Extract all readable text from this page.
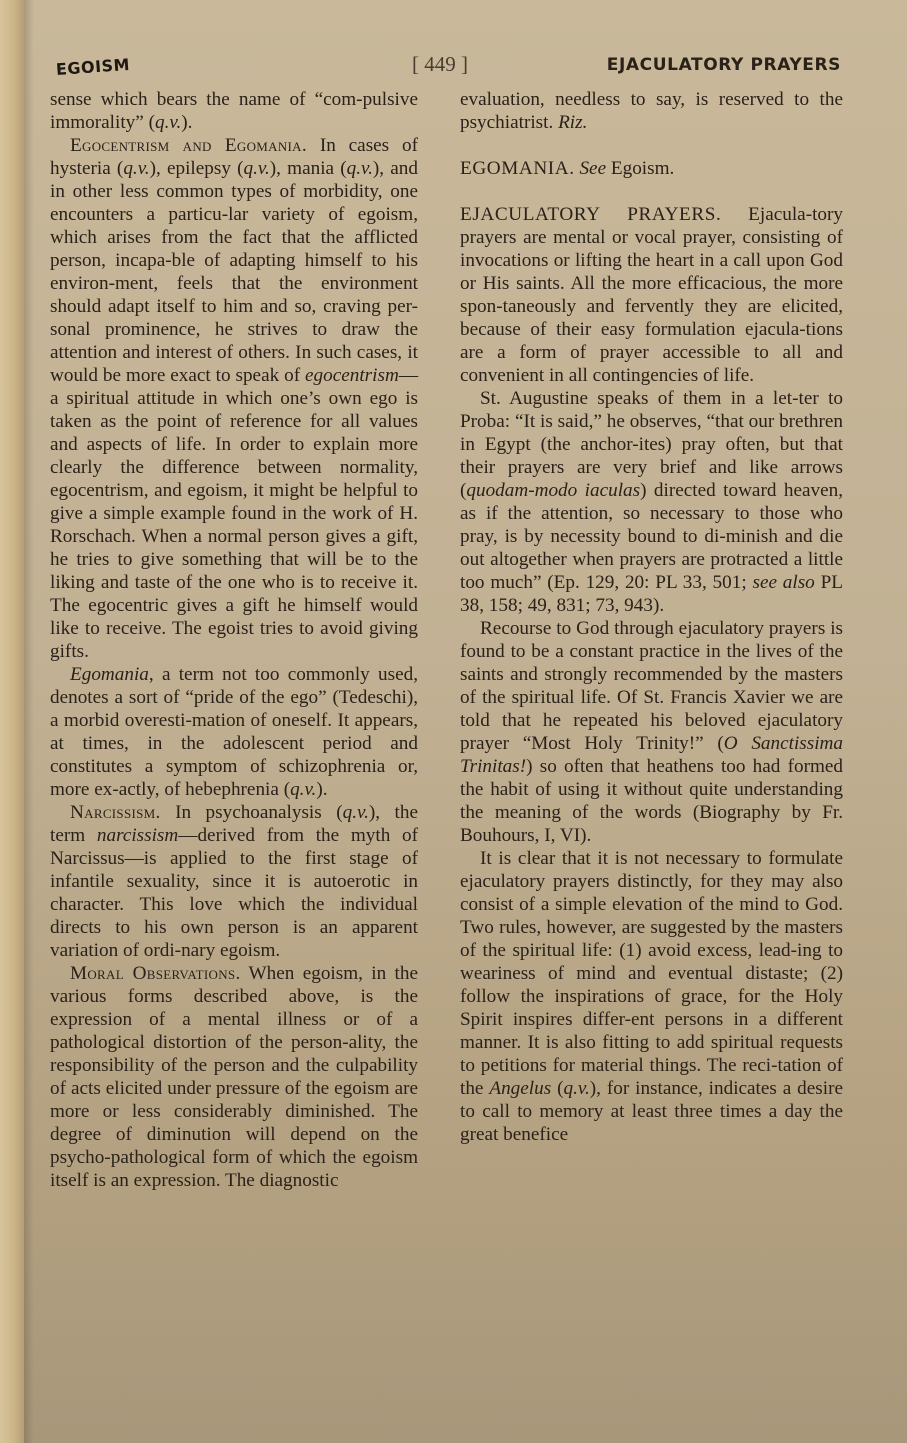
EGOISM	[ 449 ]	EJACULATORY PRAYERS

sense which bears the name of “com-pulsive immorality” (q.v.).

Egocentrism and Egomania. In cases of hysteria (q.v.), epilepsy (q.v.), mania (q.v.), and in other less common types of morbidity, one encounters a particu-lar variety of egoism, which arises from the fact that the afflicted person, incapa-ble of adapting himself to his environ-ment, feels that the environment should adapt itself to him and so, craving per-sonal prominence, he strives to draw the attention and interest of others. In such cases, it would be more exact to speak of egocentrism—a spiritual attitude in which one’s own ego is taken as the point of reference for all values and aspects of life. In order to explain more clearly the difference between normality, egocentrism, and egoism, it might be helpful to give a simple example found in the work of H. Rorschach. When a normal person gives a gift, he tries to give something that will be to the liking and taste of the one who is to receive it. The egocentric gives a gift he himself would like to receive. The egoist tries to avoid giving gifts.

Egomania, a term not too commonly used, denotes a sort of “pride of the ego” (Tedeschi), a morbid overesti-mation of oneself. It appears, at times, in the adolescent period and constitutes a symptom of schizophrenia or, more ex-actly, of hebephrenia (q.v.).

Narcissism. In psychoanalysis (q.v.), the term narcissism—derived from the myth of Narcissus—is applied to the first stage of infantile sexuality, since it is autoerotic in character. This love which the individual directs to his own person is an apparent variation of ordi-nary egoism.

Moral Observations. When egoism, in the various forms described above, is the expression of a mental illness or of a pathological distortion of the person-ality, the responsibility of the person and the culpability of acts elicited under pressure of the egoism are more or less considerably diminished. The degree of diminution will depend on the psycho-pathological form of which the egoism itself is an expression. The diagnostic

evaluation, needless to say, is reserved to the psychiatrist. Riz.

EGOMANIA. See Egoism.

EJACULATORY PRAYERS. Ejacula-tory prayers are mental or vocal prayer, consisting of invocations or lifting the heart in a call upon God or His saints. All the more efficacious, the more spon-taneously and fervently they are elicited, because of their easy formulation ejacula-tions are a form of prayer accessible to all and convenient in all contingencies of life.

St. Augustine speaks of them in a let-ter to Proba: “It is said,” he observes, “that our brethren in Egypt (the anchor-ites) pray often, but that their prayers are very brief and like arrows (quodam-modo iaculas) directed toward heaven, as if the attention, so necessary to those who pray, is by necessity bound to di-minish and die out altogether when prayers are protracted a little too much” (Ep. 129, 20: PL 33, 501; see also PL 38, 158; 49, 831; 73, 943).

Recourse to God through ejaculatory prayers is found to be a constant practice in the lives of the saints and strongly recommended by the masters of the spiritual life. Of St. Francis Xavier we are told that he repeated his beloved ejaculatory prayer “Most Holy Trinity!” (O Sanctissima Trinitas!) so often that heathens too had formed the habit of using it without quite understanding the meaning of the words (Biography by Fr. Bouhours, I, VI).

It is clear that it is not necessary to formulate ejaculatory prayers distinctly, for they may also consist of a simple elevation of the mind to God. Two rules, however, are suggested by the masters of the spiritual life: (1) avoid excess, lead-ing to weariness of mind and eventual distaste; (2) follow the inspirations of grace, for the Holy Spirit inspires differ-ent persons in a different manner. It is also fitting to add spiritual requests to petitions for material things. The reci-tation of the Angelus (q.v.), for instance, indicates a desire to call to memory at least three times a day the great benefice
